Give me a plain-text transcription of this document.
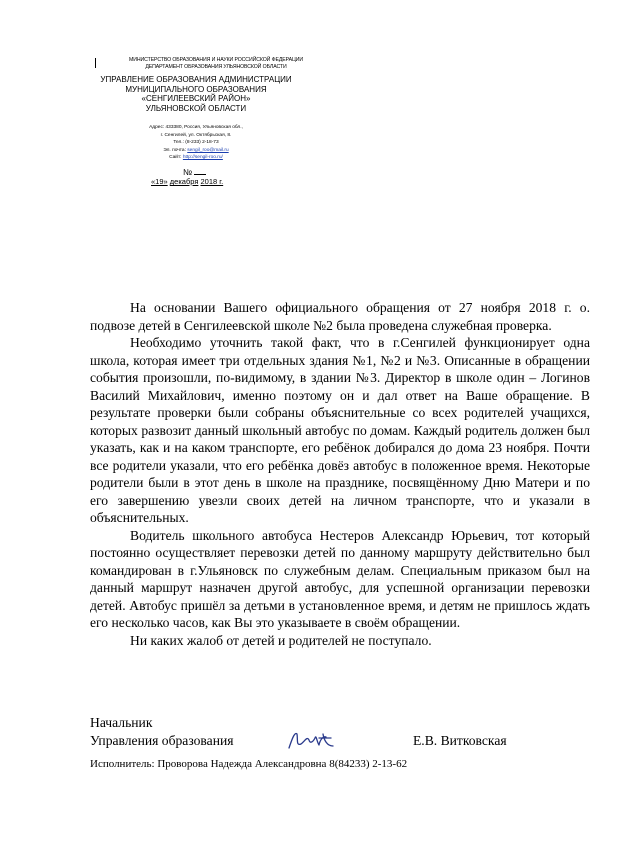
МИНИСТЕРСТВО ОБРАЗОВАНИЯ И НАУКИ РОССИЙСКОЙ ФЕДЕРАЦИИ
ДЕПАРТАМЕНТ ОБРАЗОВАНИЯ УЛЬЯНОВСКОЙ ОБЛАСТИ
УПРАВЛЕНИЕ ОБРАЗОВАНИЯ АДМИНИСТРАЦИИ
МУНИЦИПАЛЬНОГО ОБРАЗОВАНИЯ
«СЕНГИЛЕЕВСКИЙ РАЙОН»
УЛЬЯНОВСКОЙ ОБЛАСТИ
Адрес: 433380, Россия, Ульяновская обл.,
г. Сенгилей, ул. Октябрьская, 8.
Тел.: (8-233) 2-18-73
Эл. почта: sengil_roo@mail.ru
Сайт: http://sengil-roo.ru/
№
«19» декабря 2018 г.

На основании Вашего официального обращения от 27 ноября 2018 г. о. подвозе детей в Сенгилеевской школе №2 была проведена служебная проверка.

Необходимо уточнить такой факт, что в г.Сенгилей функционирует одна школа, которая имеет три отдельных здания №1, №2 и №3. Описанные в обращении события произошли, по-видимому, в здании №3. Директор в школе один – Логинов Василий Михайлович, именно поэтому он и дал ответ на Ваше обращение. В результате проверки были собраны объяснительные со всех родителей учащихся, которых развозит данный школьный автобус по домам. Каждый родитель должен был указать, как и на каком транспорте, его ребёнок добирался до дома 23 ноября. Почти все родители указали, что его ребёнка довёз автобус в положенное время. Некоторые родители были в этот день в школе на празднике, посвящённому Дню Матери и по его завершению увезли своих детей на личном транспорте, что и указали в объяснительных.

Водитель школьного автобуса Нестеров Александр Юрьевич, тот который постоянно осуществляет перевозки детей по данному маршруту действительно был командирован в г.Ульяновск по служебным делам. Специальным приказом был на данный маршрут назначен другой автобус, для успешной организации перевозки детей. Автобус пришёл за детьми в установленное время, и детям не пришлось ждать его несколько часов, как Вы это указываете в своём обращении.

Ни каких жалоб от детей и родителей не поступало.

Начальник
Управления образования	Е.В. Витковская
Исполнитель: Проворова Надежда Александровна 8(84233) 2-13-62
